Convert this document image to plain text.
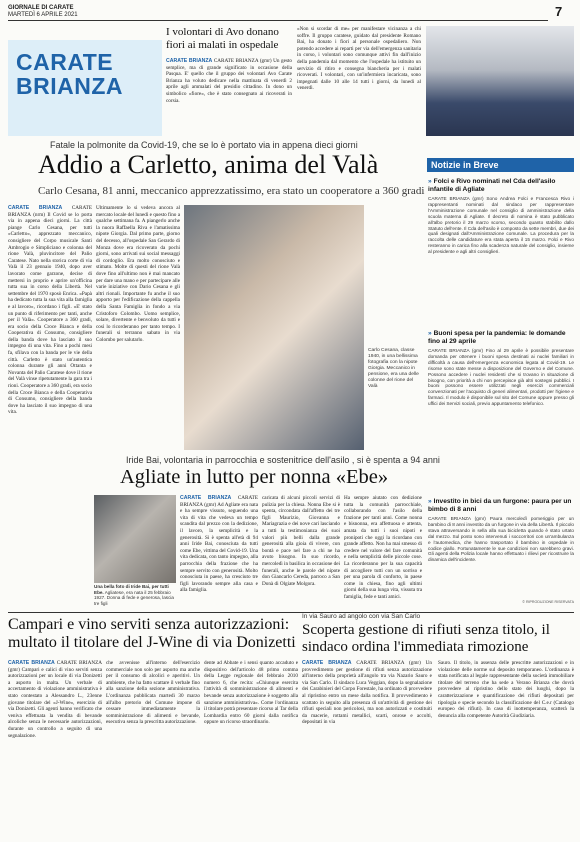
GIORNALE DI CARATE
MARTEDÌ 6 APRILE 2021	7
CARATE
BRIANZA
I volontari di Avo donano fiori ai malati in ospedale
CARATE BRIANZA CARATE BRIANZA (gmr) Un gesto semplice, ma di grande significato in occasione della Pasqua. E' quello che il gruppo dei volontari Avo Carate Brianza ha voluto dedicare nella mattinata di venerdì 2 aprile agli ammalati del presidio cittadino. In dono un simbolico «fiore», che è stato consegnato ai ricoverati in corsia.
«Non si scordar di me» per manifestare vicinanza a chi soffre. Il gruppo caratese, guidato dal presidente Romano Bai, ha donato i fiori al personale ospedaliero. Non potendo accedere ai reparti per via dell'emergenza sanitaria in corso, i volontari sono comunque attivi fin dall'inizio della pandemia dal momento che l'ospedale ha istituito un servizio di ritiro e consegna biancheria per i malati ricoverati. I volontari, con un'infermiera incaricata, sono impegnati dalle 10 alle 14 tutti i giorni, da lunedì al venerdì.
Fatale la polmonite da Covid-19, che se lo è portato via in appena dieci giorni
Addio a Carletto, anima del Valà
Carlo Cesana, 81 anni, meccanico apprezzatissimo, era stato un cooperatore a 360 gradi
CARATE BRIANZA CARATE BRIANZA (nrm) Il Covid se lo porta via in appena dieci giorni. La città piange Carlo Cesana, per tutti «Carletto», apprezzato meccanico, consigliere del Corpo musicale Santi Ambrogio e Simpliciano e colonna del rione Valà, pluvincitore del Palio Caratese. Nato nella storica corte di via Valà il 23 gennaio 1940, dopo aver lavorato come garzone, decise di mettersi in proprio e aprire un'officina tutta sua in corso della Libertà. Nel settembre del 1970 sposò Enrica. «Papà ha dedicato tutta la sua vita alla famiglia e al lavoro», ricordano i figli. «E' stato un punto di riferimento per tanti, anche per il Valà». Cooperatore a 360 gradi, era socio della Croce Bianca e della Cooperativa di Consumo, consigliere della banda dove ha lasciato il suo impegno di una vita. Fino a pochi mesi fa, sfilava con la banda per le vie della città. Carletto è stato un'autentica colonna durante gli anni Ottanta e Novanta del Palio Caratese dove il rione del Valà vinse ripetutamente la gara tra i rioni. Cooperatore a 360 gradi, era socio della Croce Bianca e della Cooperativa di Consumo, consigliere della banda dove ha lasciato il suo impegno di una vita.
Ultimamente lo si vedeva ancora al mercato locale del lunedì e questo fino a qualche settimana fa. A piangerlo anche la nuora Raffaella Riva e l'amatissima nipote Giorgia. Dal primo parte, giorno del decesso, all'ospedale San Gerardo di Monza dove era ricoverato da pochi giorni, sono arrivati sui social messaggi di cordoglio. Era molto conosciuto e stimato. Molte di questi del rione Valà dove fino all'ultimo non è mai mancato per dare una mano e per partecipare alle varie iniziative con Dario Cesana e gli altri rionali. Importante fu anche il suo apporto per l'edificazione della cappella della Santa Famiglia in fondo a via Cristoforo Colombo. Uomo semplice, solare, divertente e benvoluto da tutti e così lo ricorderanno per tanto tempo. I funerali si terranno sabato in via Colombo per salutarlo.
Carlo Cesana, classe 1940, in una bellissima fotografia con la nipote Giorgia. Meccanico in pensione, era una delle colonne del rione del Valà
Iride Bai, volontaria in parrocchia e sostenitrice dell'asilo , si è spenta a 94 anni
Agliate in lutto per nonna «Ebe»
Una bella foto di Iride Bai, per tutti Ebe. Agliatese, era nata il 25 febbraio 1927. Donna di fede e generosa, lascia tre figli
CARATE BRIANZA CARATE BRIANZA (gmr) Ad Agliate era nata e ha sempre vissuto, seguendo una vita di vita che vedeva un tempo scandita dal prezzo con la dedizione, il lavoro, la semplicità e la generosità. Si è spenta all'età di 94 anni Iride Bai, conosciuta da tutti come Ebe, vittima del Covid-19. Una vita dedicata, con tanto impegno, alla parrocchia della frazione che ha sempre servito con generosità. Molto conosciuta in paese, ha cresciuto tre figli lavorando sempre alla casa e alla famiglia.
caricata di alcuni piccoli servizi di pulizia per la chiesa. Nonna Ebe si è spenta, circondata dall'affetto dei tre figli Maurizio, Giovanna e Mariagrazia e dei nove cari lasciando a tutti la testimonianza dei suoi valori più belli dalla grande generosità alla gioia di vivere, con bontà e pace nel fare a chi ne ha avuto bisogno. In suo ricordo, mercoledì in basilica in occasione dei funerali, anche le parole del nipote don Giancarlo Cereda, parroco a San Donà di Olgiate Molgora.
Ha sempre aiutato con dedizione tutta la comunità parrocchiale, collaborando con l'asilo della frazione per tanti anni. Come nonna e bisnonna, era affettuosa e attenta, amata da tutti i suoi nipoti e pronipoti che oggi la ricordano con grande affetto. Non ha mai smesso di credere nel valore del fare comunità e nella semplicità delle piccole cose. La ricorderanno per la sua capacità di accogliere tutti con un sorriso e per una parola di conforto, in paese come in chiesa, fino agli ultimi giorni della sua lunga vita, vissuta tra famiglia, fede e tanti amici.
Notizie in Breve
» Folci e Rivo nominati nel Cda dell'asilo infantile di Agliate
CARATE BRIANZA (gmr) Sono Andrea Folci e Francesca Rivo i rappresentanti nominati dal sindaco per rappresentare l'Amministrazione comunale nel consiglio di amministrazione della scuola materna di Agliate. Il decreto di nomina è stato pubblicato all'albo pretorio il 29 marzo scorso, secondo quanto stabilito dallo Statuto dell'ente. Il Cda dell'asilo è composto da sette membri, due dei quali designati dall'Amministrazione comunale. La procedura per la raccolta delle candidature era stata aperta il 15 marzo. Folci e Rivo resteranno in carica fino alla scadenza naturale del consiglio, insieme al presidente e agli altri consiglieri.
» Buoni spesa per la pandemia: le domande fino al 29 aprile
CARATE BRIANZA (gmr) Fino al 29 aprile è possibile presentare domanda per ottenere i buoni spesa destinati ai nuclei familiari in difficoltà a causa dell'emergenza economica legata al Covid-19. Le risorse sono state messe a disposizione del Governo e del Comune. Possono accedere i nuclei residenti che si trovano in situazione di bisogno, con priorità a chi non percepisce già altri sostegni pubblici. I buoni possono essere utilizzati negli esercizi commerciali convenzionati per l'acquisto di generi alimentari, prodotti per l'igiene e farmaci. Il modulo è disponibile sul sito del Comune oppure presso gli uffici dei Servizi sociali, previo appuntamento telefonico.
» Investito in bici da un furgone: paura per un bimbo di 8 anni
CARATE BRIANZA (gmr) Paura mercoledì pomeriggio per un bambino di 8 anni investito da un furgone in via della Libertà. Il piccolo stava attraversando in sella alla sua bicicletta quando è stato urtato dal mezzo. Sul posto sono intervenuti i soccorritori con un'ambulanza e l'automedica, che hanno trasportato il bambino in ospedale in codice giallo. Fortunatamente le sue condizioni non sarebbero gravi. Gli agenti della Polizia locale hanno effettuato i rilievi per ricostruire la dinamica dell'incidente.
© RIPRODUZIONE RISERVATA
Campari e vino serviti senza autorizzazioni: multato il titolare del J-Wine di via Donizetti
CARATE BRIANZA CARATE BRIANZA (gmr) Campari e calici di vino serviti senza autorizzazioni per un locale di via Donizetti a asporto in malta. Un verbale di accertamento di violazione amministrativa è stato contestato a Alessandro L., 23enne giovane titolare del «J-Wine», esercizio di via Donizetti. Gli agenti hanno verificato che veniva effettuata la vendita di bevande alcoliche senza le necessarie autorizzazioni, durante un controllo a seguito di una segnalazione.
che avvenisse all'interno dell'esercizio commerciale non solo per asporto ma anche per il consumo di alcolici e aperitivi. Un ambiente, che ha fatto scattare il verbale fino alla sanzione della sezione amministrativa. L'ordinanza pubblicata martedì 30 marzo all'albo pretorio del Comune impone di cessare immediatamente la somministrazione di alimenti e bevande, esecutiva senza la prescritta autorizzazione.
dente ad Abbate e i sensi quanto accaduto e dispositivo dell'articolo 48 primo comma della Legge regionale del febbraio 2010 numero 6, che recita: «Chiunque esercita l'attività di somministrazione di alimenti e bevande senza autorizzazione è soggetto alla sanzione amministrativa». Come l'ordinanza il titolare potrà presentare ricorso al Tar della Lombardia entro 60 giorni dalla notifica oppure un ricorso straordinario.
In via Sauro ad angolo con via San Carlo
Scoperta gestione di rifiuti senza titolo, il sindaco ordina l'immediata rimozione
CARATE BRIANZA CARATE BRIANZA (gmr) Un provvedimento per gestione di rifiuti senza autorizzazione all'interno della proprietà all'angolo tra via Nazario Sauro e via San Carlo. Il sindaco Luca Veggian, dopo la segnalazione dei Carabinieri del Corpo Forestale, ha ordinato di provvedere al ripristino entro un mese dalla notifica. Il provvedimento è scattato in seguito alla presenza di un'attività di gestione dei rifiuti speciali non pericolosi, ma non autorizzati e costituiti da macerie, rottami metallici, scarti, onrose e accolti, depositati in via
Sauro. Il titolo, in assenza delle prescritte autorizzazioni e in violazione delle norme sul deposito temporaneo. L'ordinanza è stata notificata al legale rappresentante della società immobiliare titolare del terreno che ha sede a Verano Brianza che dovrà provvedere al ripristino dello stato dei luoghi, dopo la caratterizzazione e quantificazione dei rifiuti depositati per tipologia e specie secondo la classificazione del C.e.r (Catalogo europeo dei rifiuti). In caso di inottemperanza, scatterà la denuncia alla competente Autorità Giudiziaria.
